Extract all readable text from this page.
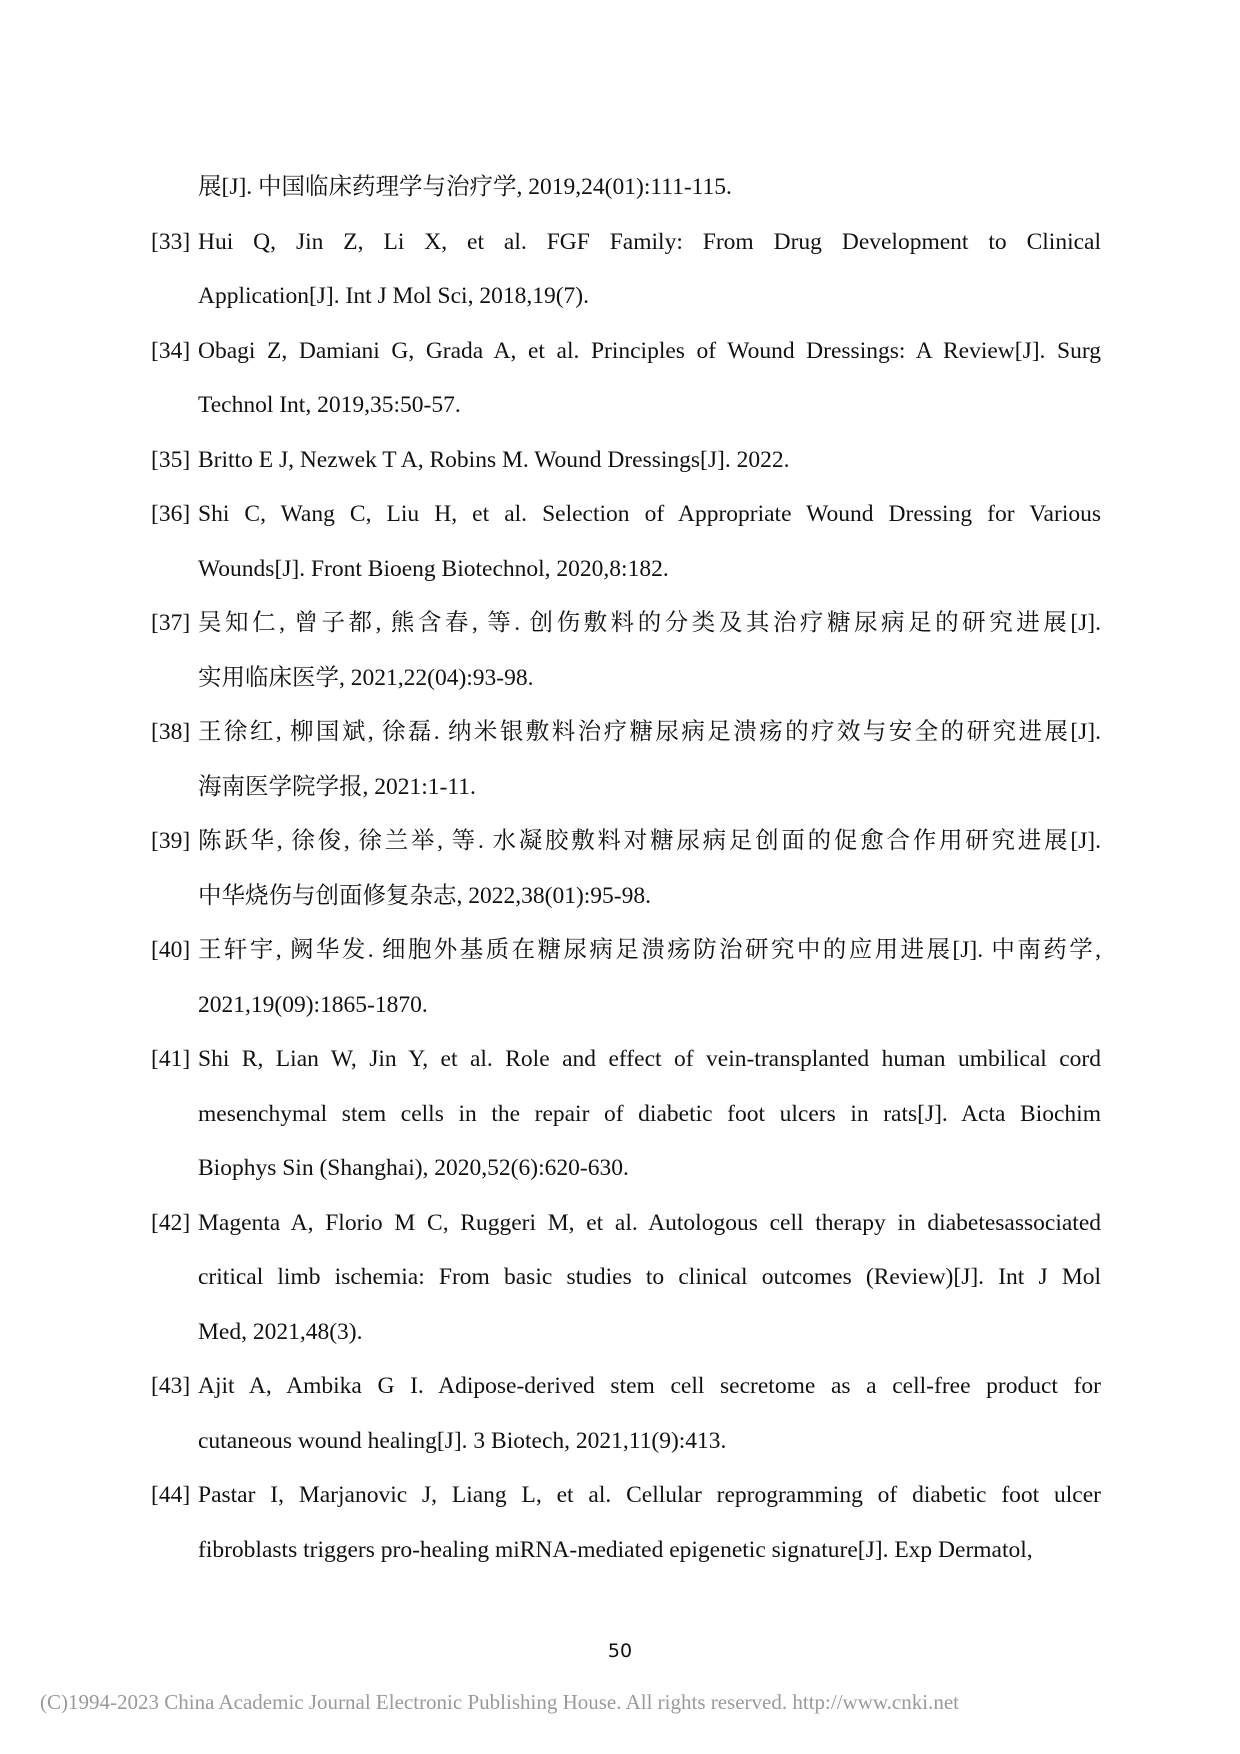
展[J]. 中国临床药理学与治疗学, 2019,24(01):111-115.
[33] Hui Q, Jin Z, Li X, et al. FGF Family: From Drug Development to Clinical
Application[J]. Int J Mol Sci, 2018,19(7).
[34] Obagi Z, Damiani G, Grada A, et al. Principles of Wound Dressings: A Review[J]. Surg
Technol Int, 2019,35:50-57.
[35] Britto E J, Nezwek T A, Robins M. Wound Dressings[J]. 2022.
[36] Shi C, Wang C, Liu H, et al. Selection of Appropriate Wound Dressing for Various
Wounds[J]. Front Bioeng Biotechnol, 2020,8:182.
[37] 吴知仁, 曾子都, 熊含春, 等. 创伤敷料的分类及其治疗糖尿病足的研究进展[J].
实用临床医学, 2021,22(04):93-98.
[38] 王徐红, 柳国斌, 徐磊. 纳米银敷料治疗糖尿病足溃疡的疗效与安全的研究进展[J].
海南医学院学报, 2021:1-11.
[39] 陈跃华, 徐俊, 徐兰举, 等. 水凝胶敷料对糖尿病足创面的促愈合作用研究进展[J].
中华烧伤与创面修复杂志, 2022,38(01):95-98.
[40] 王轩宇, 阙华发. 细胞外基质在糖尿病足溃疡防治研究中的应用进展[J]. 中南药学,
2021,19(09):1865-1870.
[41] Shi R, Lian W, Jin Y, et al. Role and effect of vein-transplanted human umbilical cord
mesenchymal stem cells in the repair of diabetic foot ulcers in rats[J]. Acta Biochim
Biophys Sin (Shanghai), 2020,52(6):620-630.
[42] Magenta A, Florio M C, Ruggeri M, et al. Autologous cell therapy in diabetesassociated
critical limb ischemia: From basic studies to clinical outcomes (Review)[J]. Int J Mol
Med, 2021,48(3).
[43] Ajit A, Ambika G I. Adipose-derived stem cell secretome as a cell-free product for
cutaneous wound healing[J]. 3 Biotech, 2021,11(9):413.
[44] Pastar I, Marjanovic J, Liang L, et al. Cellular reprogramming of diabetic foot ulcer
fibroblasts triggers pro-healing miRNA-mediated epigenetic signature[J]. Exp Dermatol,
50
(C)1994-2023 China Academic Journal Electronic Publishing House. All rights reserved. http://www.cnki.net
